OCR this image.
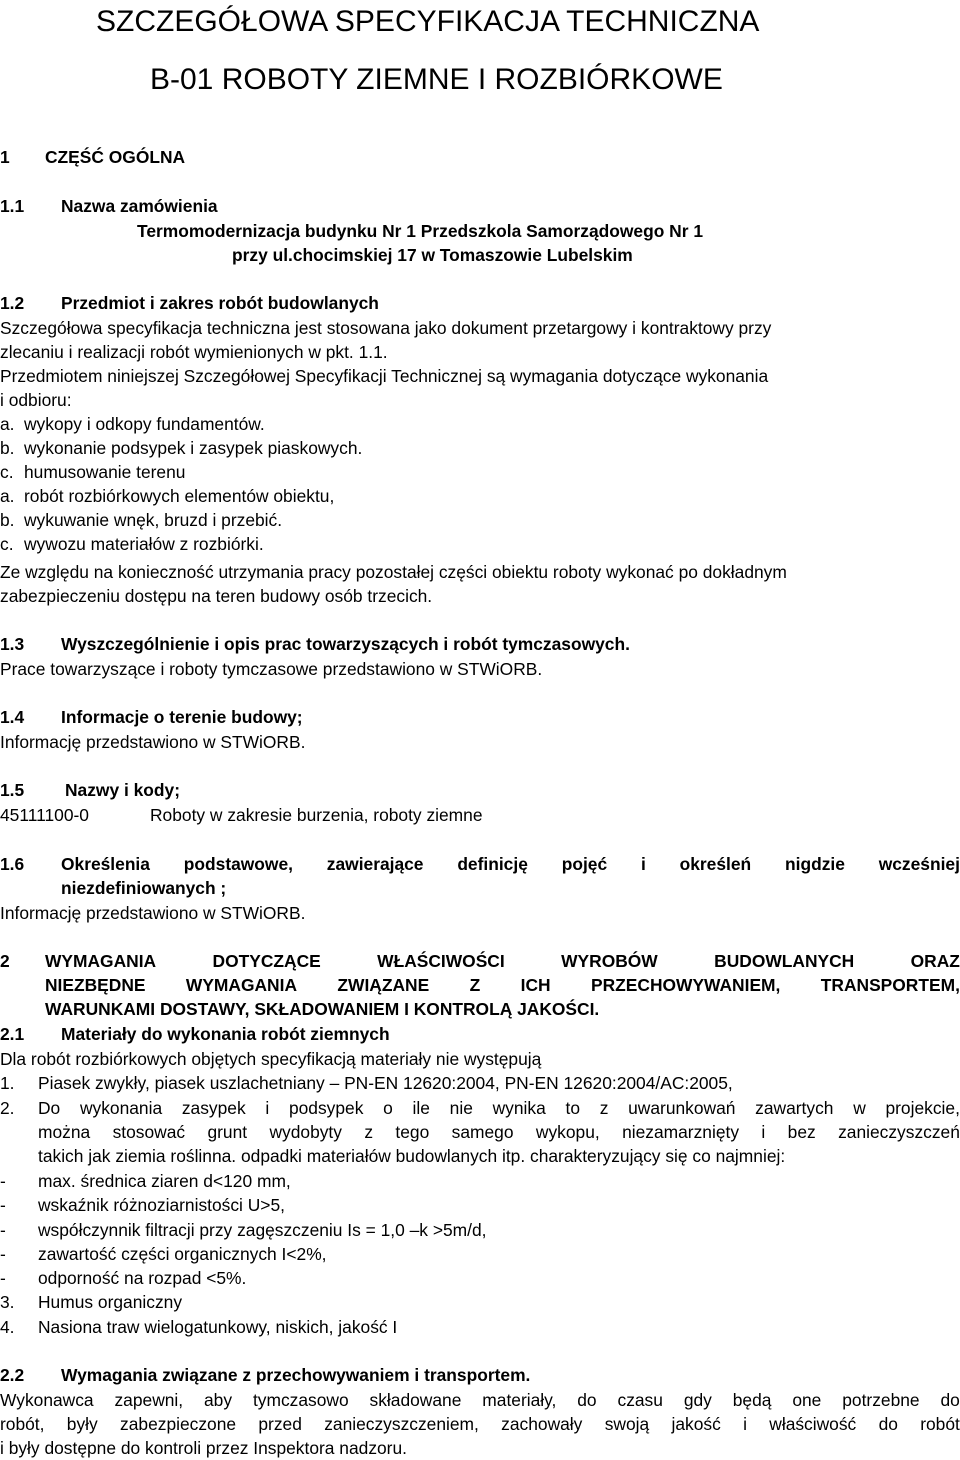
SZCZEGÓŁOWA SPECYFIKACJA TECHNICZNA
B-01 ROBOTY ZIEMNE I ROZBIÓRKOWE
1 CZĘŚĆ OGÓLNA
1.1 Nazwa zamówienia
Termomodernizacja budynku Nr 1 Przedszkola Samorządowego Nr 1
przy ul.chocimskiej 17 w Tomaszowie Lubelskim
1.2 Przedmiot i zakres robót budowlanych
Szczegółowa specyfikacja techniczna jest stosowana jako dokument przetargowy i kontraktowy przy
zlecaniu i realizacji robót wymienionych w pkt. 1.1.
Przedmiotem niniejszej Szczegółowej Specyfikacji Technicznej są wymagania dotyczące wykonania
i odbioru:
a. wykopy i odkopy fundamentów.
b. wykonanie podsypek i zasypek piaskowych.
c. humusowanie terenu
a. robót rozbiórkowych elementów obiektu,
b. wykuwanie wnęk, bruzd i przebić.
c. wywozu materiałów z rozbiórki.
Ze względu na konieczność utrzymania pracy pozostałej części obiektu roboty wykonać po dokładnym
zabezpieczeniu dostępu na teren budowy osób trzecich.
1.3 Wyszczególnienie i opis prac towarzyszących i robót tymczasowych.
Prace towarzyszące i roboty tymczasowe przedstawiono w STWiORB.
1.4 Informacje o terenie budowy;
Informację przedstawiono w STWiORB.
1.5 Nazwy i kody;
45111100-0	Roboty w zakresie burzenia, roboty ziemne
1.6	Określenia podstawowe, zawierające definicję pojęć i określeń nigdzie wcześniej
niezdefiniowanych ;
Informację przedstawiono w STWiORB.
2	WYMAGANIA	DOTYCZĄCE	WŁAŚCIWOŚCI	WYROBÓW	BUDOWLANYCH	ORAZ
NIEZBĘDNE WYMAGANIA ZWIĄZANE Z ICH PRZECHOWYWANIEM, TRANSPORTEM,
WARUNKAMI DOSTAWY, SKŁADOWANIEM I KONTROLĄ JAKOŚCI.
2.1 Materiały do wykonania robót ziemnych
Dla robót rozbiórkowych objętych specyfikacją materiały nie występują
1. Piasek zwykły, piasek uszlachetniany – PN-EN 12620:2004, PN-EN 12620:2004/AC:2005,
2.	Do wykonania zasypek i podsypek o ile nie wynika to z uwarunkowań zawartych w projekcie,
można stosować grunt wydobyty z tego samego wykopu, niezamarznięty i bez zanieczyszczeń
takich jak ziemia roślinna. odpadki materiałów budowlanych itp. charakteryzujący się co najmniej:
- max. średnica ziaren d<120 mm,
- wskaźnik różnoziarnistości U>5,
- współczynnik filtracji przy zagęszczeniu Is = 1,0 –k >5m/d,
- zawartość części organicznych I<2%,
- odporność na rozpad <5%.
3. Humus organiczny
4. Nasiona traw wielogatunkowy, niskich, jakość I
2.2 Wymagania związane z przechowywaniem i transportem.
Wykonawca zapewni, aby tymczasowo składowane materiały, do czasu gdy będą one potrzebne do
robót, były zabezpieczone przed zanieczyszczeniem, zachowały swoją jakość i właściwość do robót
i były dostępne do kontroli przez Inspektora nadzoru.
